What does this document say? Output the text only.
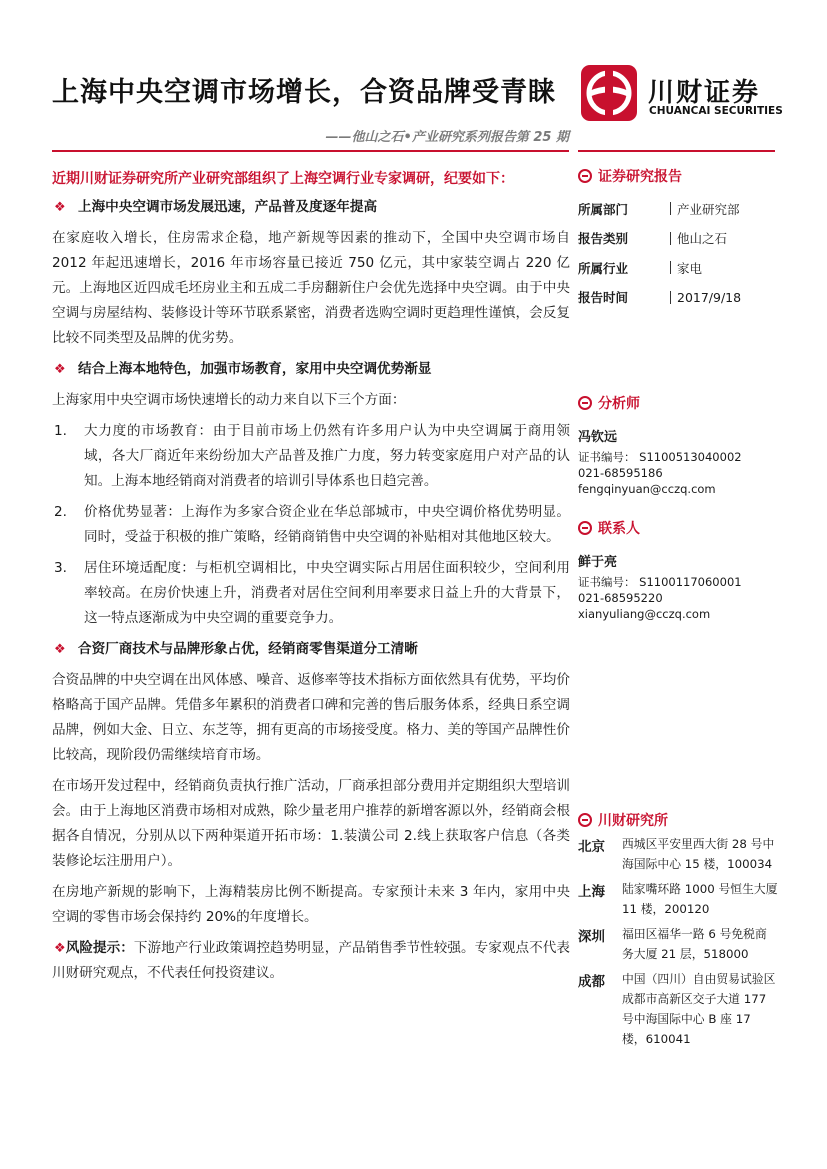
上海中央空调市场增长，合资品牌受青睐	川财证券
CHUANCAI SECURITIES
——他山之石•产业研究系列报告第 25 期

近期川财证券研究所产业研究部组织了上海空调行业专家调研，纪要如下：

❖ 上海中央空调市场发展迅速，产品普及度逐年提高

在家庭收入增长，住房需求企稳，地产新规等因素的推动下，全国中央空调市场自 2012 年起迅速增长，2016 年市场容量已接近 750 亿元，其中家装空调占 220 亿元。上海地区近四成毛坯房业主和五成二手房翻新住户会优先选择中央空调。由于中央空调与房屋结构、装修设计等环节联系紧密，消费者选购空调时更趋理性谨慎，会反复比较不同类型及品牌的优劣势。

❖ 结合上海本地特色，加强市场教育，家用中央空调优势渐显

上海家用中央空调市场快速增长的动力来自以下三个方面：

1.	大力度的市场教育：由于目前市场上仍然有许多用户认为中央空调属于商用领域，各大厂商近年来纷纷加大产品普及推广力度，努力转变家庭用户对产品的认知。上海本地经销商对消费者的培训引导体系也日趋完善。
2.	价格优势显著：上海作为多家合资企业在华总部城市，中央空调价格优势明显。同时，受益于积极的推广策略，经销商销售中央空调的补贴相对其他地区较大。
3.	居住环境适配度：与柜机空调相比，中央空调实际占用居住面积较少，空间利用率较高。在房价快速上升，消费者对居住空间利用率要求日益上升的大背景下，这一特点逐渐成为中央空调的重要竞争力。
❖ 合资厂商技术与品牌形象占优，经销商零售渠道分工清晰

合资品牌的中央空调在出风体感、噪音、返修率等技术指标方面依然具有优势，平均价格略高于国产品牌。凭借多年累积的消费者口碑和完善的售后服务体系，经典日系空调品牌，例如大金、日立、东芝等，拥有更高的市场接受度。格力、美的等国产品牌性价比较高，现阶段仍需继续培育市场。

在市场开发过程中，经销商负责执行推广活动，厂商承担部分费用并定期组织大型培训会。由于上海地区消费市场相对成熟，除少量老用户推荐的新增客源以外，经销商会根据各自情况，分别从以下两种渠道开拓市场：1.装潢公司 2.线上获取客户信息（各类装修论坛注册用户）。

在房地产新规的影响下，上海精装房比例不断提高。专家预计未来 3 年内，家用中央空调的零售市场会保持约 20%的年度增长。

❖风险提示：下游地产行业政策调控趋势明显，产品销售季节性较强。专家观点不代表川财研究观点，不代表任何投资建议。

证券研究报告
所属部门	产业研究部
报告类别	他山之石
所属行业	家电
报告时间	2017/9/18
分析师
冯钦远
证书编号： S1100513040002
021-68595186
fengqinyuan@cczq.com
联系人
鲜于亮
证书编号： S1100117060001
021-68595220
xianyuliang@cczq.com
川财研究所
北京	西城区平安里西大街 28 号中海国际中心 15 楼，100034
上海	陆家嘴环路 1000 号恒生大厦 11 楼，200120
深圳	福田区福华一路 6 号免税商务大厦 21 层，518000
成都	中国（四川）自由贸易试验区成都市高新区交子大道 177 号中海国际中心 B 座 17 楼，610041
